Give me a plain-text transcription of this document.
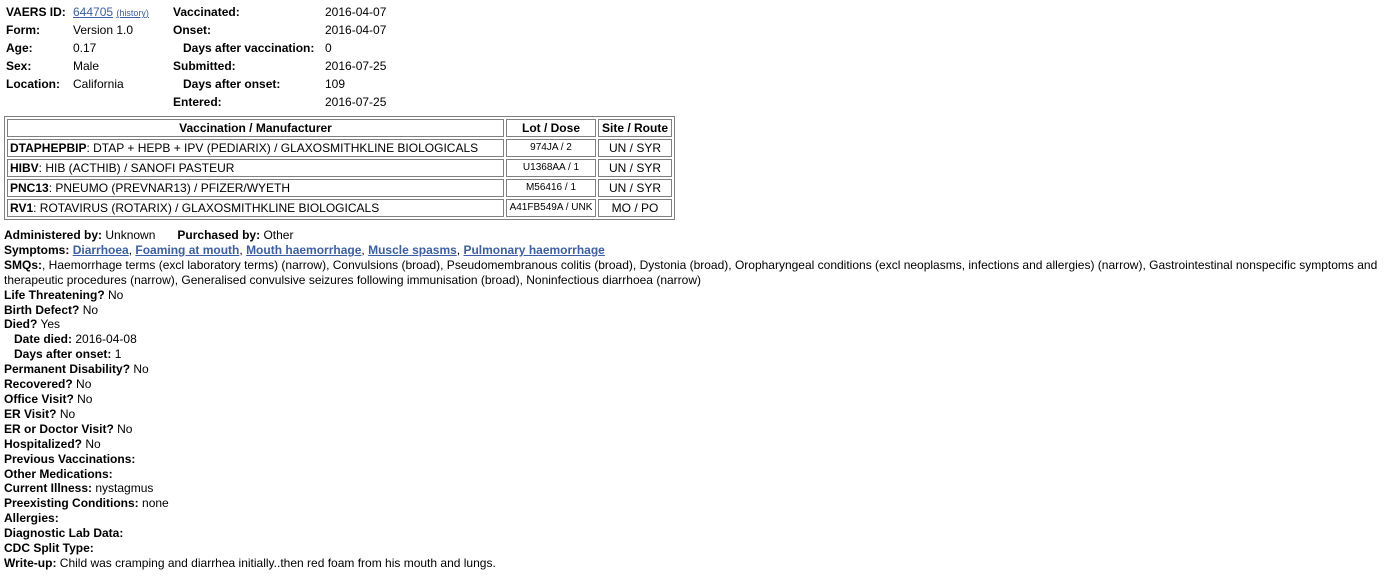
VAERS ID:	644705 (history)	Vaccinated:	2016-04-07
Form:	Version 1.0	Onset:	2016-04-07
Age:	0.17	Days after vaccination:	0
Sex:	Male	Submitted:	2016-07-25
Location:	California	Days after onset:	109
		Entered:	2016-07-25
Vaccination / Manufacturer	Lot / Dose	Site / Route
DTAPHEPBIP: DTAP + HEPB + IPV (PEDIARIX) / GLAXOSMITHKLINE BIOLOGICALS	974JA / 2	UN / SYR
HIBV: HIB (ACTHIB) / SANOFI PASTEUR	U1368AA / 1	UN / SYR
PNC13: PNEUMO (PREVNAR13) / PFIZER/WYETH	M56416 / 1	UN / SYR
RV1: ROTAVIRUS (ROTARIX) / GLAXOSMITHKLINE BIOLOGICALS	A41FB549A / UNK	MO / PO
Administered by: Unknown Purchased by: Other
Symptoms: Diarrhoea, Foaming at mouth, Mouth haemorrhage, Muscle spasms, Pulmonary haemorrhage
SMQs:, Haemorrhage terms (excl laboratory terms) (narrow), Convulsions (broad), Pseudomembranous colitis (broad), Dystonia (broad), Oropharyngeal conditions (excl neoplasms, infections and allergies) (narrow), Gastrointestinal nonspecific symptoms and therapeutic procedures (narrow), Generalised convulsive seizures following immunisation (broad), Noninfectious diarrhoea (narrow)
Life Threatening? No
Birth Defect? No
Died? Yes
Date died: 2016-04-08
Days after onset: 1
Permanent Disability? No
Recovered? No
Office Visit? No
ER Visit? No
ER or Doctor Visit? No
Hospitalized? No
Previous Vaccinations:
Other Medications:
Current Illness: nystagmus
Preexisting Conditions: none
Allergies:
Diagnostic Lab Data:
CDC Split Type:
Write-up: Child was cramping and diarrhea initially..then red foam from his mouth and lungs.
